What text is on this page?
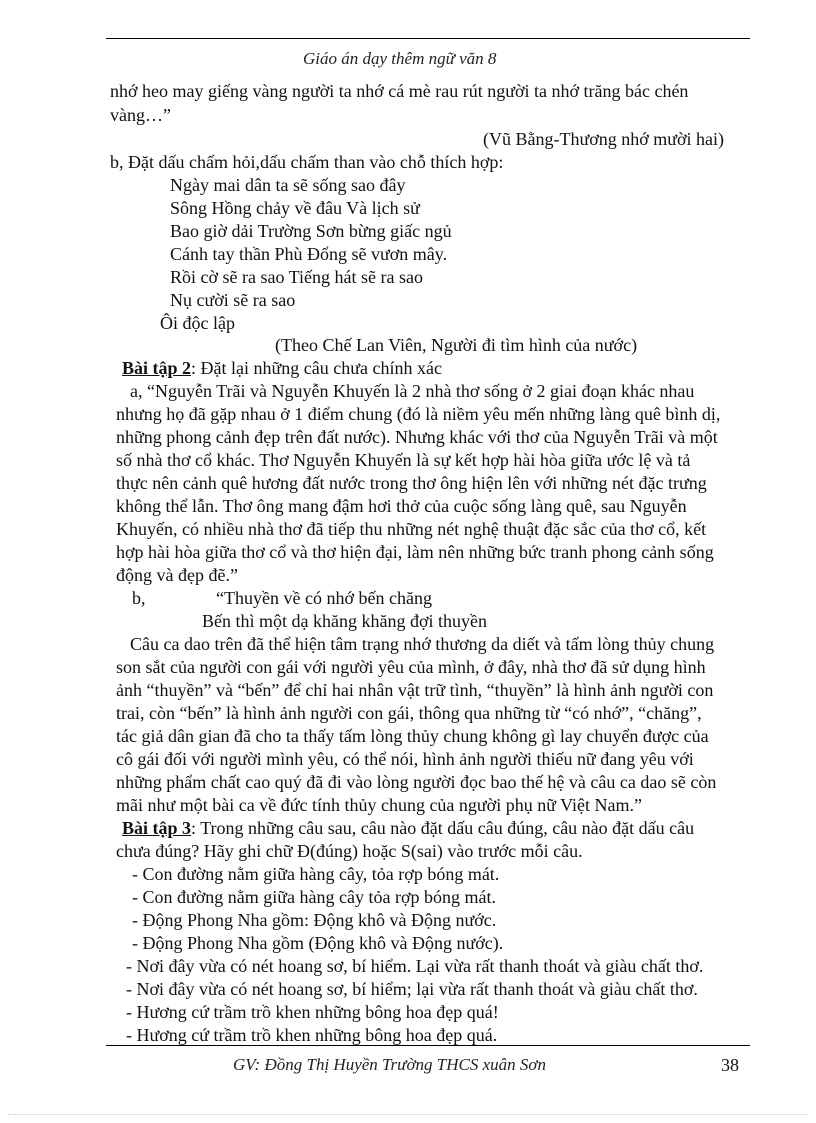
Giáo án dạy thêm ngữ văn 8
nhớ heo may giếng vàng người ta nhớ cá mè rau rút người ta nhớ trăng bác chén
vàng…”
(Vũ Bằng-Thương nhớ mười hai)
b, Đặt dấu chấm hỏi,dấu chấm than vào chỗ thích hợp:
Ngày mai dân ta sẽ sống sao đây
Sông Hồng chảy về đâu Và lịch sử
Bao giờ dải Trường Sơn bừng giấc ngủ
Cánh tay thần Phù Đổng sẽ vươn mây.
Rồi cờ sẽ ra sao Tiếng hát sẽ ra sao
Nụ cười sẽ ra sao
Ôi độc lập
(Theo Chế Lan Viên, Người đi tìm hình của nước)
Bài tập 2: Đặt lại những câu chưa chính xác
a, “Nguyễn Trãi và Nguyễn Khuyến là 2 nhà thơ sống ở 2 giai đoạn khác nhau
nhưng họ đã gặp nhau ở 1 điểm chung (đó là niềm yêu mến những làng quê bình dị,
những phong cảnh đẹp trên đất nước). Nhưng khác với thơ của Nguyễn Trãi và một
số nhà thơ cổ khác. Thơ Nguyễn Khuyến là sự kết hợp hài hòa giữa ước lệ và tả
thực nên cảnh quê hương đất nước trong thơ ông hiện lên với những nét đặc trưng
không thể lẫn. Thơ ông mang đậm hơi thở của cuộc sống làng quê, sau Nguyễn
Khuyến, có nhiều nhà thơ đã tiếp thu những nét nghệ thuật đặc sắc của thơ cổ, kết
hợp hài hòa giữa thơ cổ và thơ hiện đại, làm nên những bức tranh phong cảnh sống
động và đẹp đẽ.”
b,	“Thuyền về có nhớ bến chăng
Bến thì một dạ khăng khăng đợi thuyền
Câu ca dao trên đã thể hiện tâm trạng nhớ thương da diết và tấm lòng thủy chung
son sắt của người con gái với người yêu của mình, ở đây, nhà thơ đã sử dụng hình
ảnh “thuyền” và “bến” để chỉ hai nhân vật trữ tình, “thuyền” là hình ảnh người con
trai, còn “bến” là hình ảnh người con gái, thông qua những từ “có nhớ”, “chăng”,
tác giả dân gian đã cho ta thấy tấm lòng thủy chung không gì lay chuyển được của
cô gái đối với người mình yêu, có thể nói, hình ảnh người thiếu nữ đang yêu với
những phẩm chất cao quý đã đi vào lòng người đọc bao thế hệ và câu ca dao sẽ còn
mãi như một bài ca về đức tính thủy chung của người phụ nữ Việt Nam.”
Bài tập 3: Trong những câu sau, câu nào đặt dấu câu đúng, câu nào đặt dấu câu
chưa đúng? Hãy ghi chữ Đ(đúng) hoặc S(sai) vào trước mỗi câu.
- Con đường nằm giữa hàng cây, tỏa rợp bóng mát.
- Con đường nằm giữa hàng cây tỏa rợp bóng mát.
- Động Phong Nha gồm: Động khô và Động nước.
- Động Phong Nha gồm (Động khô và Động nước).
- Nơi đây vừa có nét hoang sơ, bí hiểm. Lại vừa rất thanh thoát và giàu chất thơ.
- Nơi đây vừa có nét hoang sơ, bí hiểm; lại vừa rất thanh thoát và giàu chất thơ.
- Hương cứ trầm trồ khen những bông hoa đẹp quá!
- Hương cứ trầm trồ khen những bông hoa đẹp quá.
GV: Đồng Thị Huyền Trường THCS xuân Sơn	38
